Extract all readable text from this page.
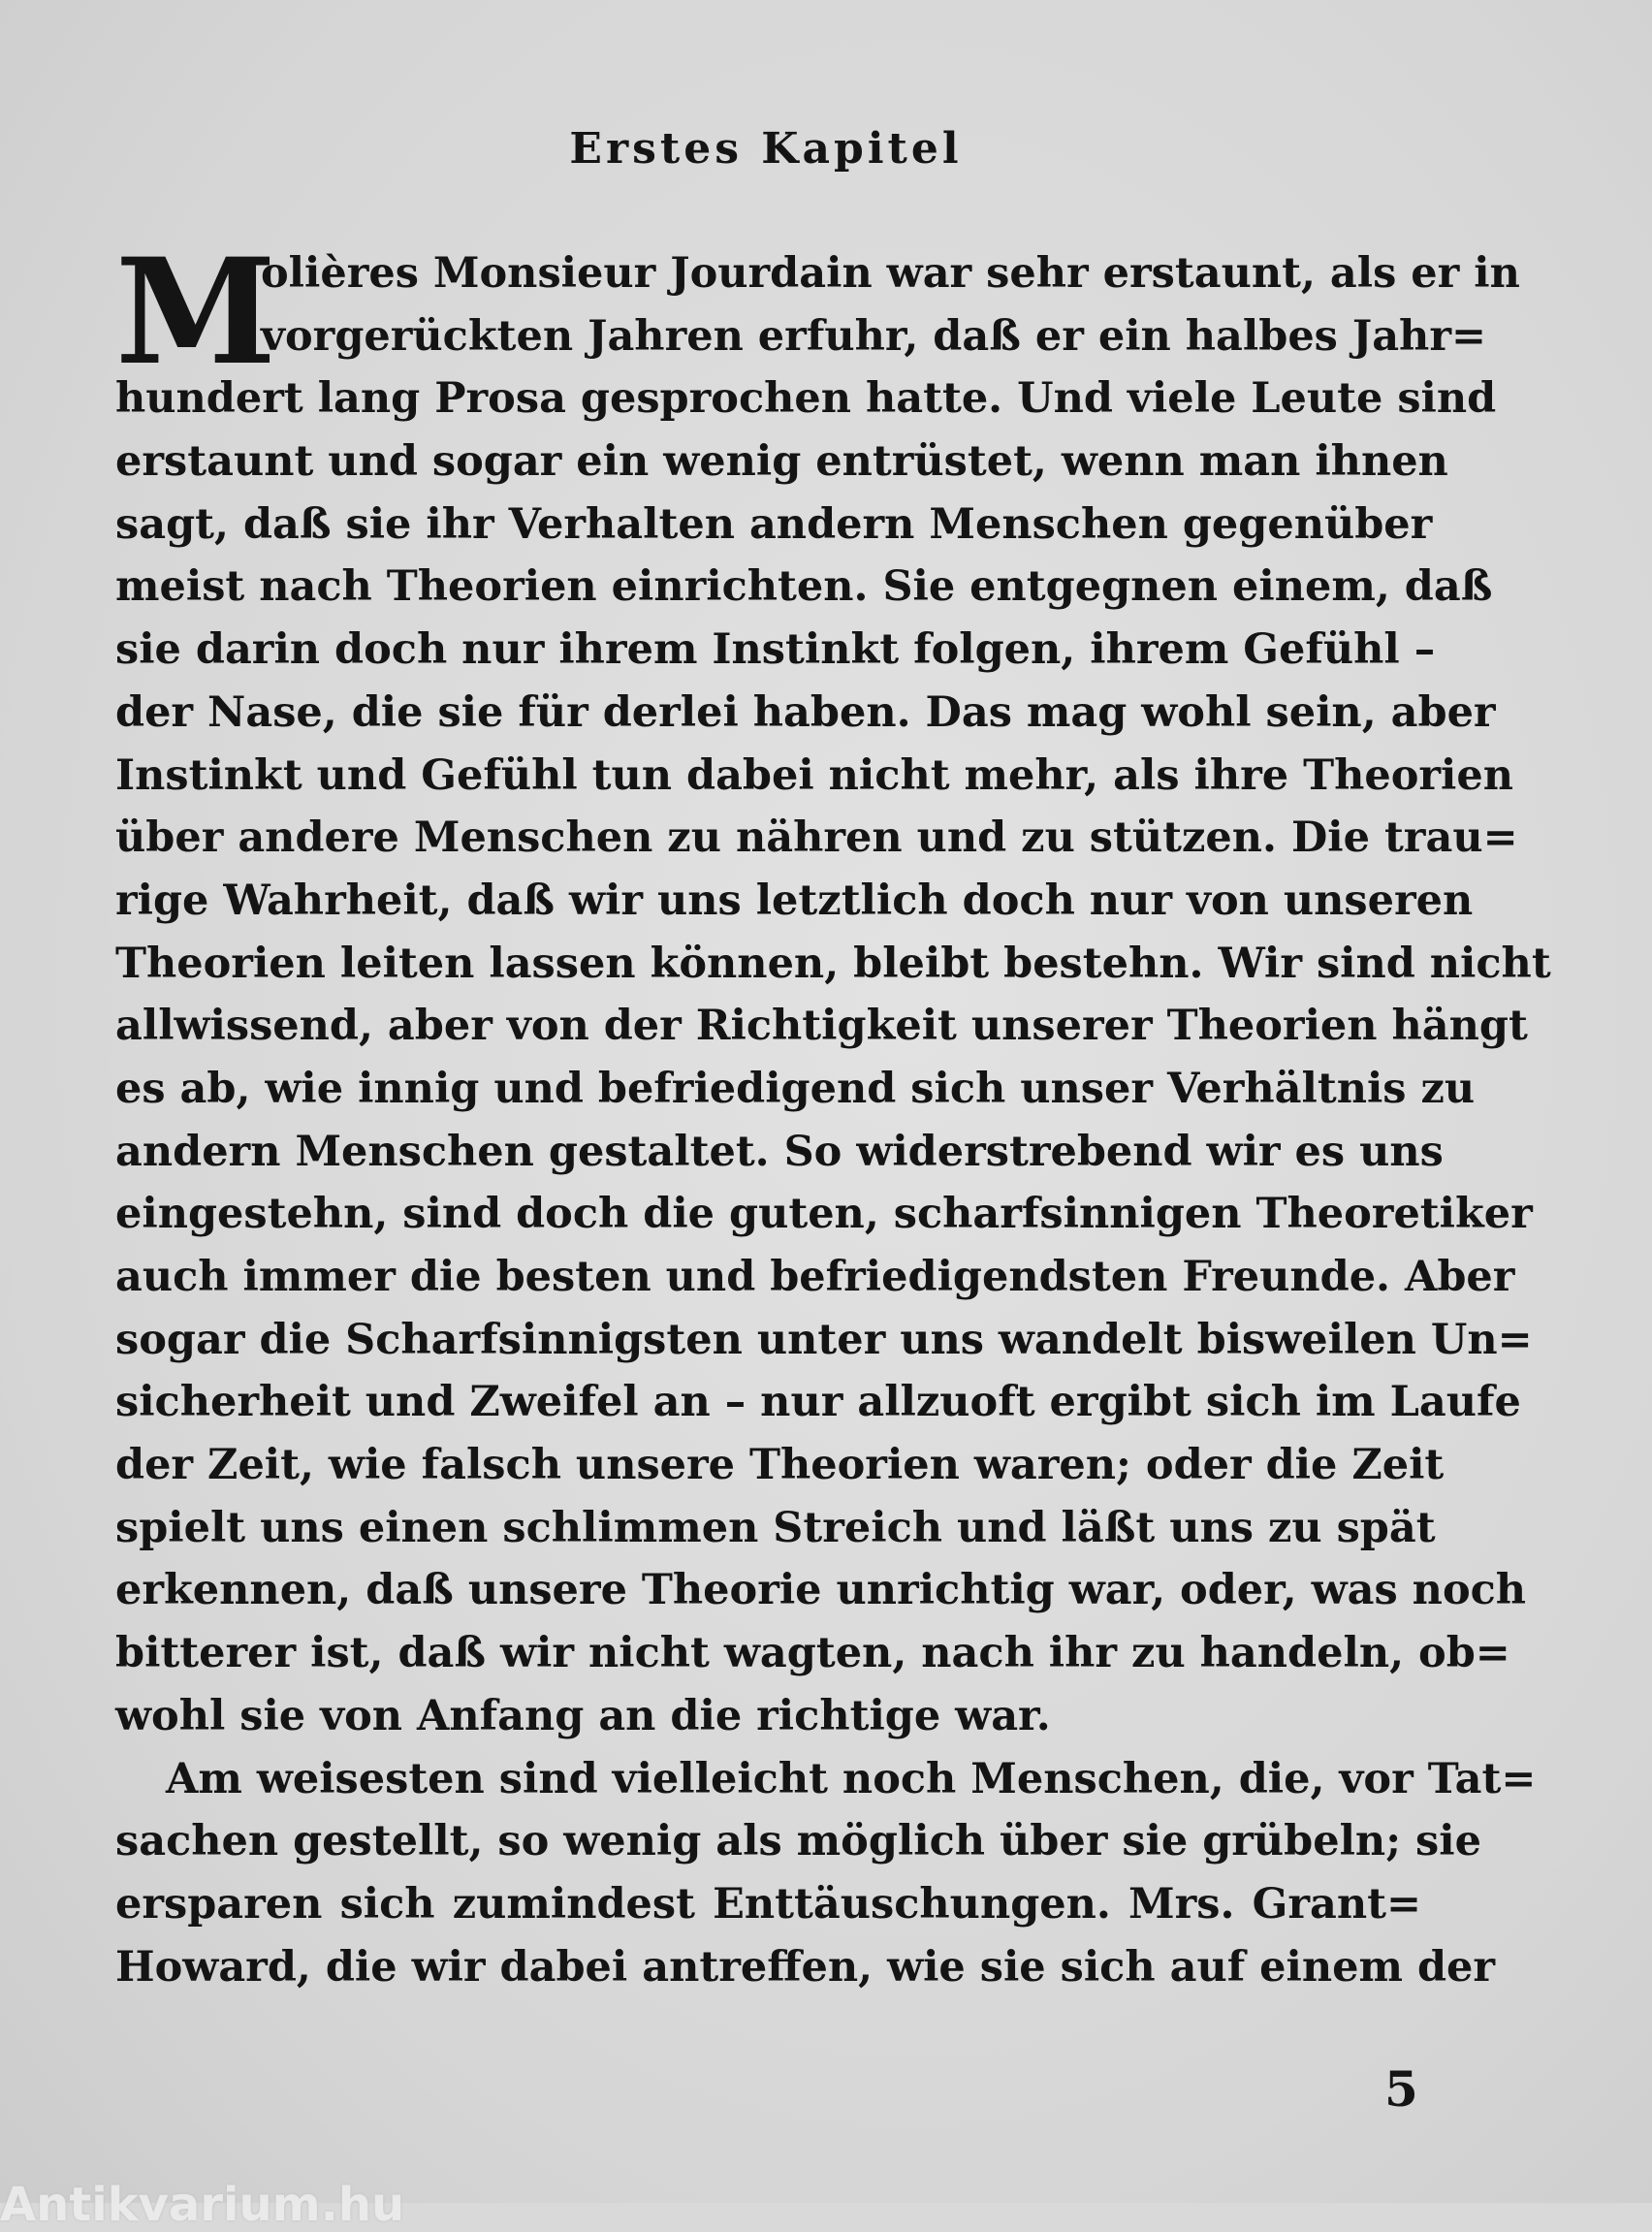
Erstes Kapitel
M
olières Monsieur Jourdain war sehr erstaunt, als er in
vorgerückten Jahren erfuhr, daß er ein halbes Jahr=
hundert lang Prosa gesprochen hatte. Und viele Leute sind
erstaunt und sogar ein wenig entrüstet, wenn man ihnen
sagt, daß sie ihr Verhalten andern Menschen gegenüber
meist nach Theorien einrichten. Sie entgegnen einem, daß
sie darin doch nur ihrem Instinkt folgen, ihrem Gefühl –
der Nase, die sie für derlei haben. Das mag wohl sein, aber
Instinkt und Gefühl tun dabei nicht mehr, als ihre Theorien
über andere Menschen zu nähren und zu stützen. Die trau=
rige Wahrheit, daß wir uns letztlich doch nur von unseren
Theorien leiten lassen können, bleibt bestehn. Wir sind nicht
allwissend, aber von der Richtigkeit unserer Theorien hängt
es ab, wie innig und befriedigend sich unser Verhältnis zu
andern Menschen gestaltet. So widerstrebend wir es uns
eingestehn, sind doch die guten, scharfsinnigen Theoretiker
auch immer die besten und befriedigendsten Freunde. Aber
sogar die Scharfsinnigsten unter uns wandelt bisweilen Un=
sicherheit und Zweifel an – nur allzuoft ergibt sich im Laufe
der Zeit, wie falsch unsere Theorien waren; oder die Zeit
spielt uns einen schlimmen Streich und läßt uns zu spät
erkennen, daß unsere Theorie unrichtig war, oder, was noch
bitterer ist, daß wir nicht wagten, nach ihr zu handeln, ob=
wohl sie von Anfang an die richtige war.
Am weisesten sind vielleicht noch Menschen, die, vor Tat=
sachen gestellt, so wenig als möglich über sie grübeln; sie
ersparen sich zumindest Enttäuschungen. Mrs. Grant=
Howard, die wir dabei antreffen, wie sie sich auf einem der
5
Antikvarium.hu
